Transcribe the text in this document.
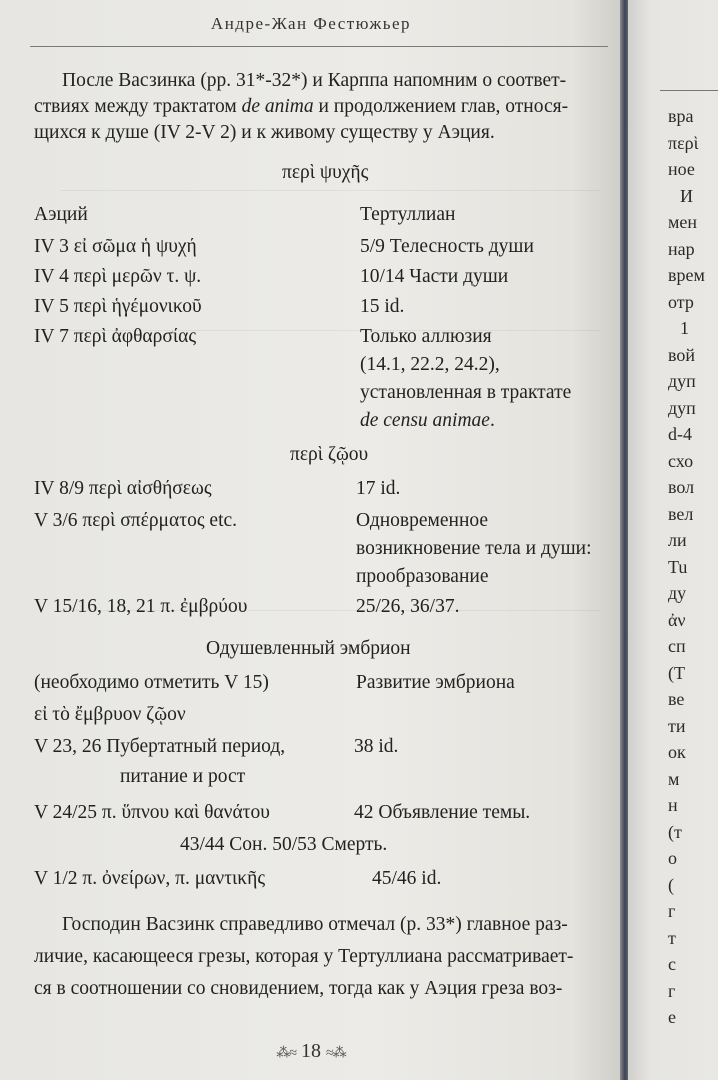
Андре-Жан Фестюжьер
После Васзинка (pp. 31*-32*) и Карппа напомним о соответ-
ствиях между трактатом de anima и продолжением глав, относя-
щихся к душе (IV 2-V 2) и к живому существу у Аэция.
περὶ ψυχῆς
Аэций	Тертуллиан
IV 3 εἰ σῶμα ἡ ψυχή	5/9 Телесность души
IV 4 περὶ μερῶν τ. ψ.	10/14 Части души
IV 5 περὶ ἡγέμονικοῦ	15 id.
IV 7 περὶ ἀφθαρσίας	Только аллюзия
(14.1, 22.2, 24.2),
установленная в трактате
de censu animae.
περὶ ζῷου
IV 8/9 περὶ αἰσθήσεως	17 id.
V 3/6 περὶ σπέρματος etc.	Одновременное
возникновение тела и души:
прообразование
V 15/16, 18, 21 π. ἐμβρύου	25/26, 36/37.
Одушевленный эмбрион
(необходимо отметить V 15)	Развитие эмбриона
εἰ τὸ ἔμβρυον ζῷον
V 23, 26 Пубертатный период,	38 id.
питание и рост
V 24/25 π. ὕπνου καὶ θανάτου	42 Объявление темы.
43/44 Сон. 50/53 Смерть.
V 1/2 π. ὀνείρων, π. μαντικῆς	45/46 id.
Господин Васзинк справедливо отмечал (p. 33*) главное раз-
личие, касающееся грезы, которая у Тертуллиана рассматривает-
ся в соотношении со сновидением, тогда как у Аэция греза воз-
⁂≈ 18 ≈⁂
вра
περὶ
ное
И
мен
нар
врем
отр
1
вой
дуп
дуп
d-4
схо
вол
вел
ли
Tu
ду
ἀν
сп
(Т
ве
ти
ок
м
н
(т
о
(
г
т
с
г
е
